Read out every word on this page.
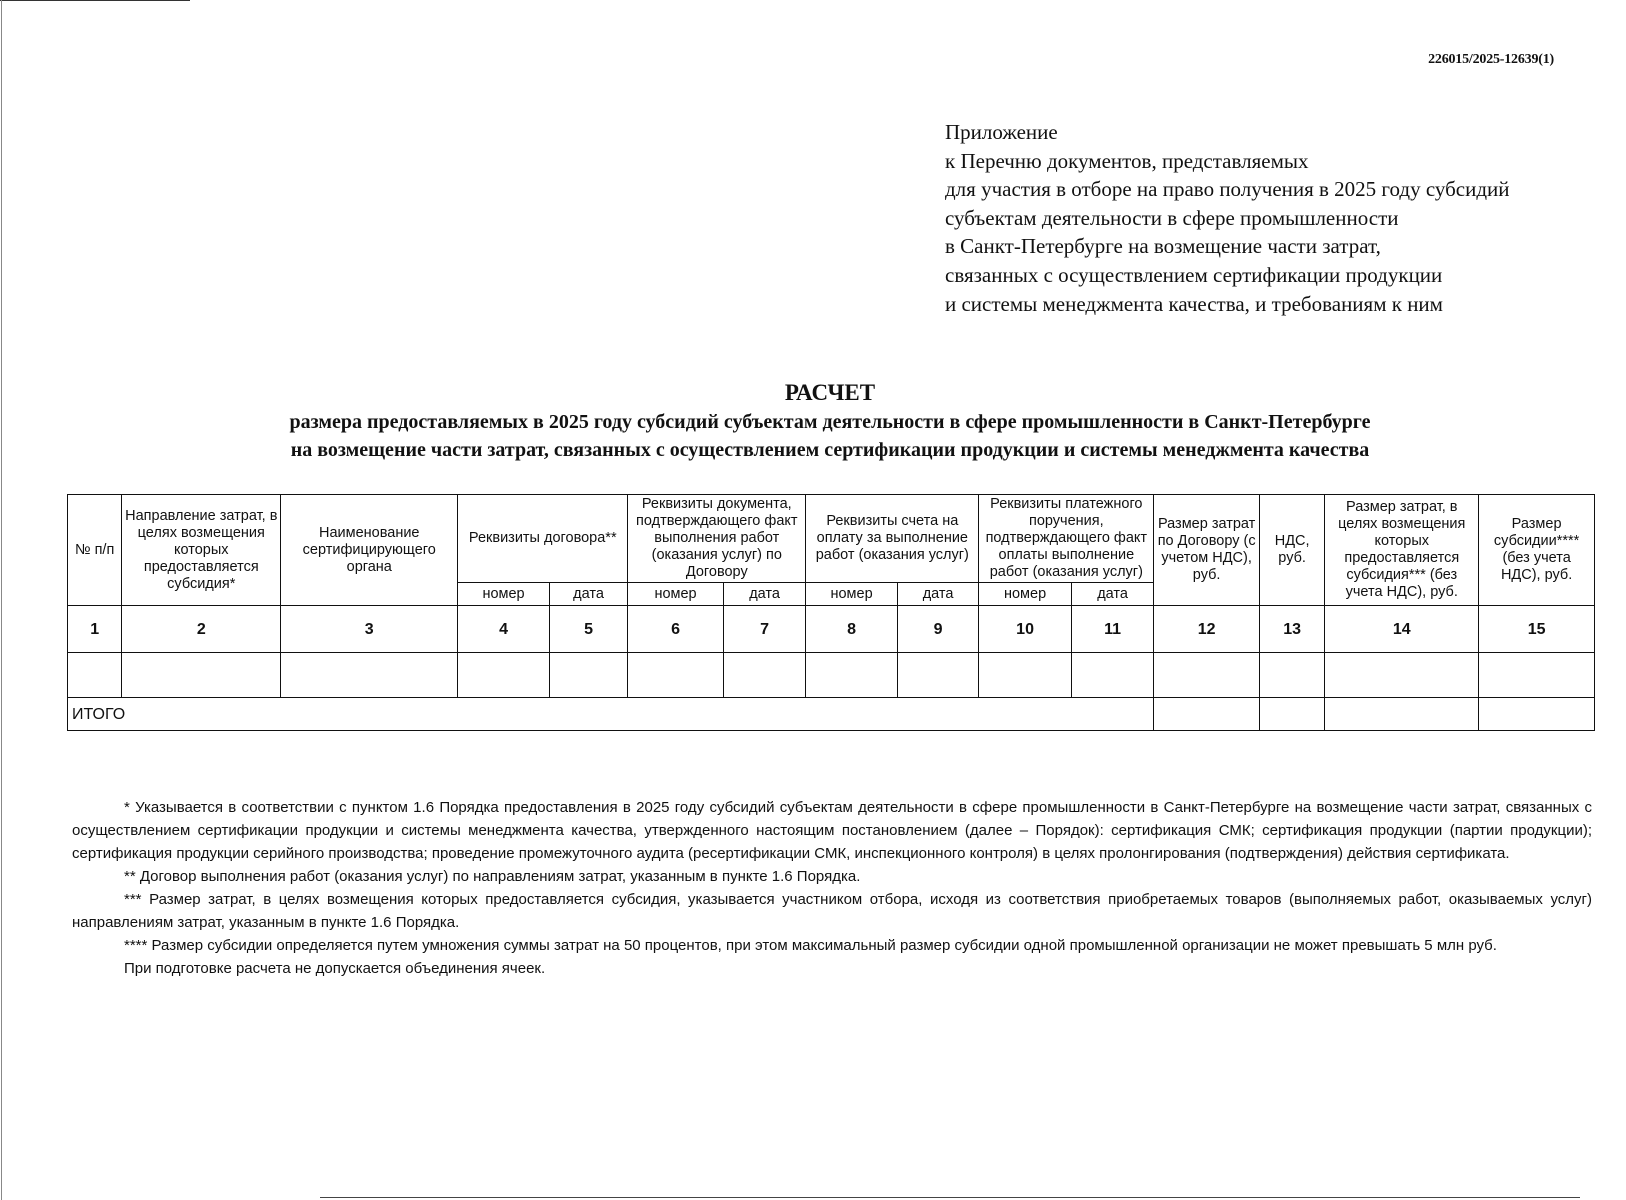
226015/2025-12639(1)
Приложение
к Перечню документов, представляемых
для участия в отборе на право получения в 2025 году субсидий
субъектам деятельности в сфере промышленности
в Санкт-Петербурге на возмещение части затрат,
связанных с осуществлением сертификации продукции
и системы менеджмента качества, и требованиям к ним
РАСЧЕТ
размера предоставляемых в 2025 году субсидий субъектам деятельности в сфере промышленности в Санкт-Петербурге
на возмещение части затрат, связанных с осуществлением сертификации продукции и системы менеджмента качества
№ п/п	Направление затрат, в целях возмещения которых предоставляется субсидия*	Наименование сертифицирующего органа	Реквизиты договора**		Реквизиты документа, подтверждающего факт выполнения работ (оказания услуг) по Договору		Реквизиты счета на оплату за выполнение работ (оказания услуг)		Реквизиты платежного поручения, подтверждающего факт оплаты выполнение работ (оказания услуг)		Размер затрат по Договору (с учетом НДС), руб.	НДС, руб.	Размер затрат, в целях возмещения которых предоставляется субсидия*** (без учета НДС), руб.	Размер субсидии**** (без учета НДС), руб.
			номер	дата	номер	дата	номер	дата	номер	дата				
1	2	3	4	5	6	7	8	9	10	11	12	13	14	15

ИТОГО														

* Указывается в соответствии с пунктом 1.6 Порядка предоставления в 2025 году субсидий субъектам деятельности в сфере промышленности в Санкт-Петербурге на возмещение части затрат, связанных с осуществлением сертификации продукции и системы менеджмента качества, утвержденного настоящим постановлением (далее – Порядок): сертификация СМК; сертификация продукции (партии продукции); сертификация продукции серийного производства; проведение промежуточного аудита (ресертификации СМК, инспекционного контроля) в целях пролонгирования (подтверждения) действия сертификата.

** Договор выполнения работ (оказания услуг) по направлениям затрат, указанным в пункте 1.6 Порядка.

*** Размер затрат, в целях возмещения которых предоставляется субсидия, указывается участником отбора, исходя из соответствия приобретаемых товаров (выполняемых работ, оказываемых услуг) направлениям затрат, указанным в пункте 1.6 Порядка.

**** Размер субсидии определяется путем умножения суммы затрат на 50 процентов, при этом максимальный размер субсидии одной промышленной организации не может превышать 5 млн руб.

При подготовке расчета не допускается объединения ячеек.
